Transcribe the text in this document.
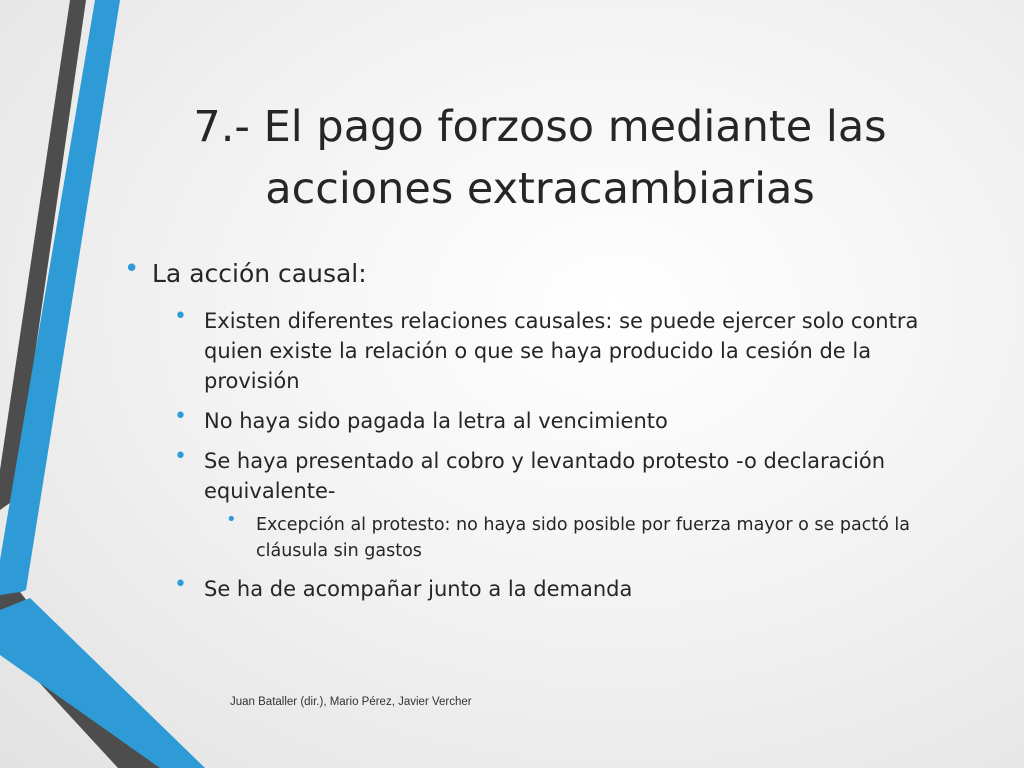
7.- El pago forzoso mediante las
acciones extracambiarias
• La acción causal:
• Existen diferentes relaciones causales: se puede ejercer solo contra quien existe la relación o que se haya producido la cesión de la provisión
• No haya sido pagada la letra al vencimiento
• Se haya presentado al cobro y levantado protesto -o declaración equivalente-
• Excepción al protesto: no haya sido posible por fuerza mayor o se pactó la cláusula sin gastos
• Se ha de acompañar junto a la demanda
Juan Bataller (dir.), Mario Pérez, Javier Vercher
